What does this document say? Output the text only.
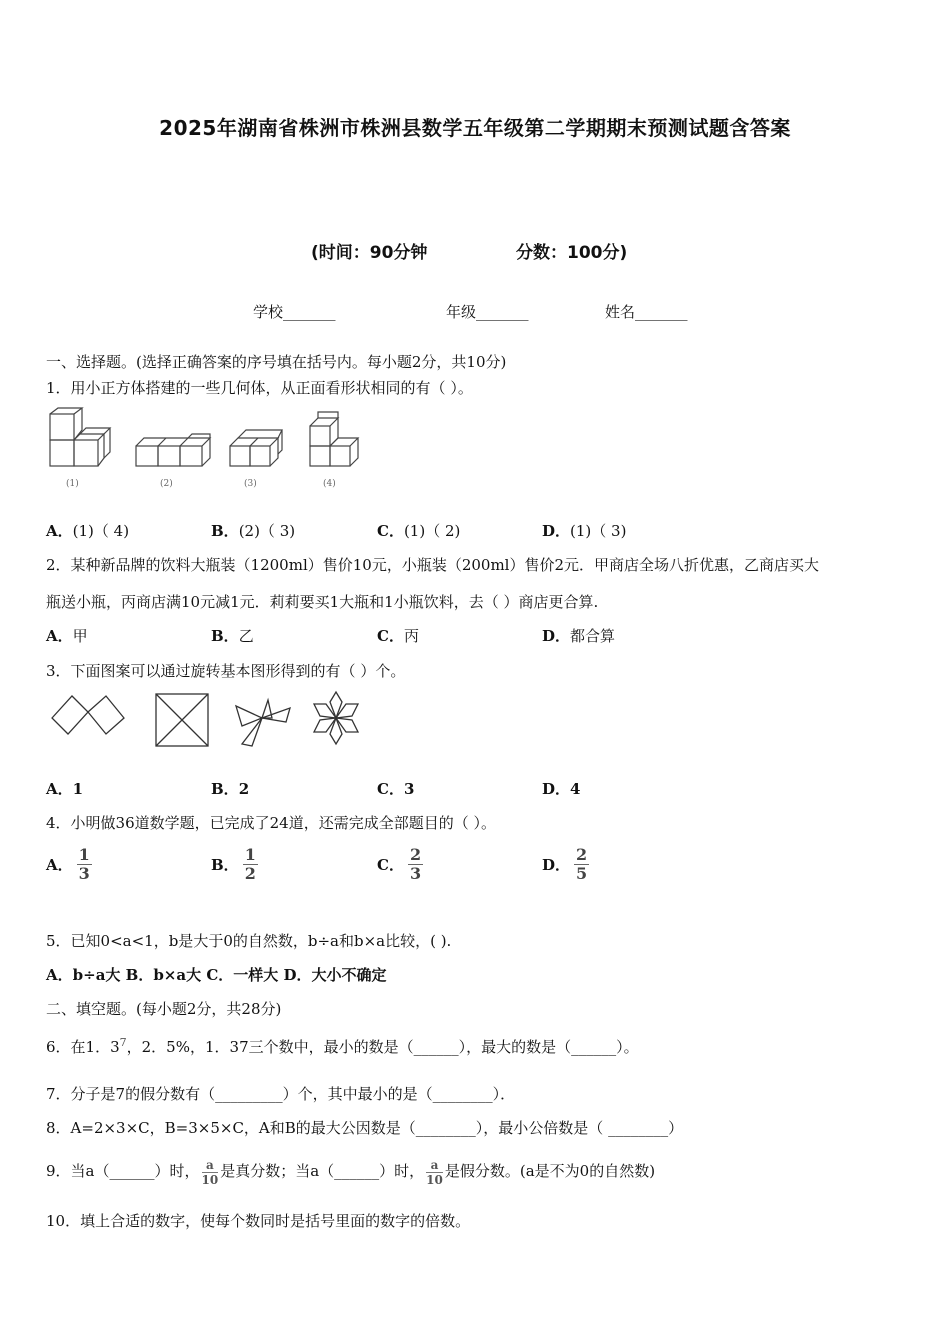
2025年湖南省株洲市株洲县数学五年级第二学期期末预测试题含答案
(时间：90分钟	分数：100分)
学校_______	年级_______	姓名_______
一、选择题。(选择正确答案的序号填在括号内。每小题2分，共10分)
1．用小正方体搭建的一些几何体，从正面看形状相同的有（ ）。
(1)	(2)	(3)	(4)
A．(1)（ 4)	B．(2)（ 3)	C．(1)（ 2)	D．(1)（ 3)
2．某种新品牌的饮料大瓶装（1200ml）售价10元，小瓶装（200ml）售价2元．甲商店全场八折优惠，乙商店买大
瓶送小瓶，丙商店满10元减1元．莉莉要买1大瓶和1小瓶饮料，去（ ）商店更合算.
A．甲	B．乙	C．丙	D．都合算
3．下面图案可以通过旋转基本图形得到的有（ ）个。
A．1	B．2	C．3	D．4
4．小明做36道数学题，已完成了24道，还需完成全部题目的（ ）。
A． $\frac{1}{3}$	B． $\frac{1}{2}$	C． $\frac{2}{3}$	D． $\frac{2}{5}$
5．已知0<a<1，b是大于0的自然数，b÷a和b×a比较，( ).
A．b÷a大 B．b×a大 C．一样大 D．大小不确定
二、填空题。(每小题2分，共28分)
6．在1．$3^7$，2．5%，1．37三个数中，最小的数是（______），最大的数是（______）。
7．分子是7的假分数有（_________）个，其中最小的是（________）．
8．A=2×3×C，B=3×5×C，A和B的最大公因数是（________），最小公倍数是（ ________）
9．当a（______）时， $\frac{a}{10}$ 是真分数；当a（______）时， $\frac{a}{10}$ 是假分数。(a是不为0的自然数)
10．填上合适的数字，使每个数同时是括号里面的数字的倍数。
